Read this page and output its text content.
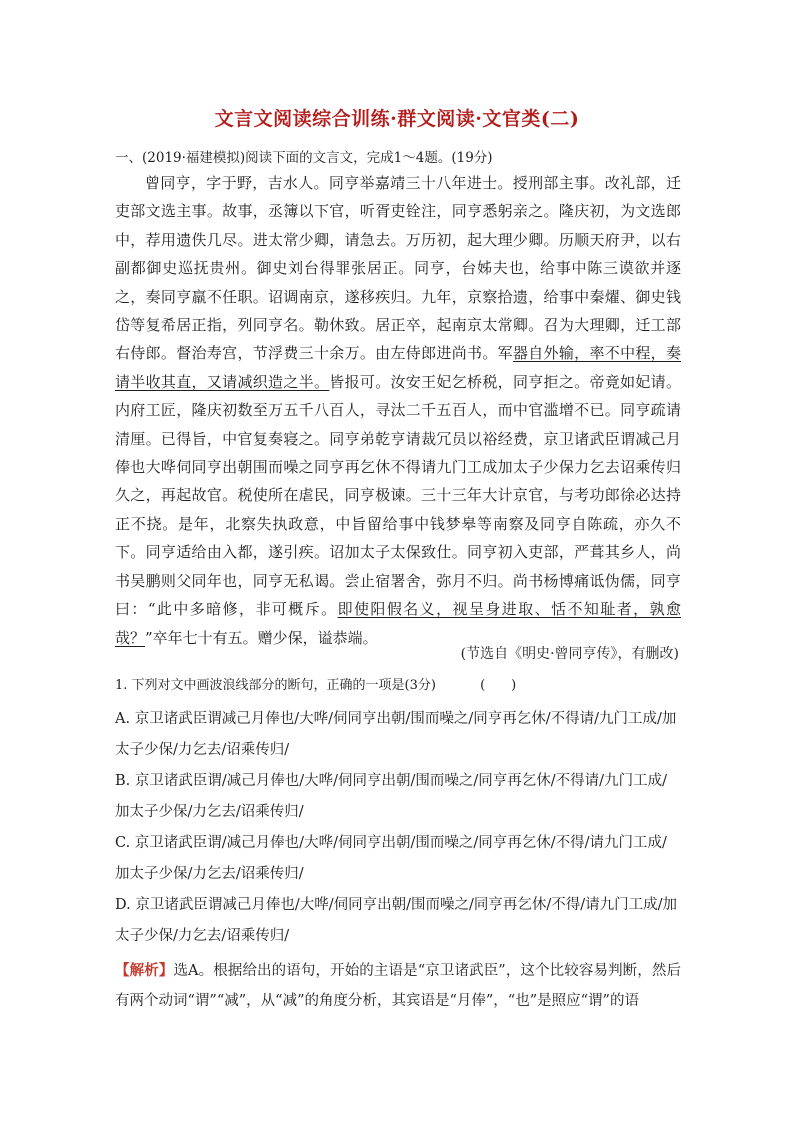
文言文阅读综合训练·群文阅读·文官类(二)
一、(2019·福建模拟)阅读下面的文言文，完成1～4题。(19分)

曾同亨，字于野，吉水人。同亨举嘉靖三十八年进士。授刑部主事。改礼部，迁吏部文选主事。故事，丞簿以下官，听胥吏铨注，同亨悉躬亲之。隆庆初，为文选郎中，荐用遗佚几尽。进太常少卿，请急去。万历初，起大理少卿。历顺天府尹，以右副都御史巡抚贵州。御史刘台得罪张居正。同亨，台姊夫也，给事中陈三谟欲并逐之，奏同亨羸不任职。诏调南京，遂移疾归。九年，京察拾遗，给事中秦燿、御史钱岱等复希居正指，列同亨名。勒休致。居正卒，起南京太常卿。召为大理卿，迁工部右侍郎。督治寿宫，节浮费三十余万。由左侍郎进尚书。军器自外输，率不中程，奏请半收其直，又请减织造之半。皆报可。汝安王妃乞桥税，同亨拒之。帝竟如妃请。内府工匠，隆庆初数至万五千八百人，寻汰二千五百人，而中官滥增不已。同亨疏请清厘。已得旨，中官复奏寝之。同亨弟乾亨请裁冗员以裕经费，京卫诸武臣谓减己月俸也大哗伺同亨出朝围而噪之同亨再乞休不得请九门工成加太子少保力乞去诏乘传归久之，再起故官。税使所在虐民，同亨极谏。三十三年大计京官，与考功郎徐必达持正不挠。是年，北察失执政意，中旨留给事中钱梦皋等南察及同亨自陈疏，亦久不下。同亨适给由入都，遂引疾。诏加太子太保致仕。同亨初入吏部，严葺其乡人，尚书吴鹏则父同年也，同亨无私谒。尝止宿署舍，弥月不归。尚书杨博痛诋伪儒，同亨曰：“此中多暗修，非可概斥。即使阳假名义，视呈身进取、恬不知耻者，孰愈哉？”卒年七十有五。赠少保，谥恭端。

(节选自《明史·曾同亨传》，有删改)
1. 下列对文中画波浪线部分的断句，正确的一项是(3分)	(　　)
A. 京卫诸武臣谓减己月俸也/大哗/伺同亨出朝/围而噪之/同亨再乞休/不得请/九门工成/加太子少保/力乞去/诏乘传归/
B. 京卫诸武臣谓/减己月俸也/大哗/伺同亨出朝/围而噪之/同亨再乞休/不得请/九门工成/加太子少保/力乞去/诏乘传归/
C. 京卫诸武臣谓/减己月俸也/大哗/伺同亨出朝/围而噪之/同亨再乞休/不得/请九门工成/加太子少保/力乞去/诏乘传归/
D. 京卫诸武臣谓减己月俸也/大哗/伺同亨出朝/围而噪之/同亨再乞休/不得/请九门工成/加太子少保/力乞去/诏乘传归/
【解析】选A。根据给出的语句，开始的主语是“京卫诸武臣”，这个比较容易判断，然后有两个动词“谓”“减”，从“减”的角度分析，其宾语是“月俸”，“也”是照应“谓”的语
